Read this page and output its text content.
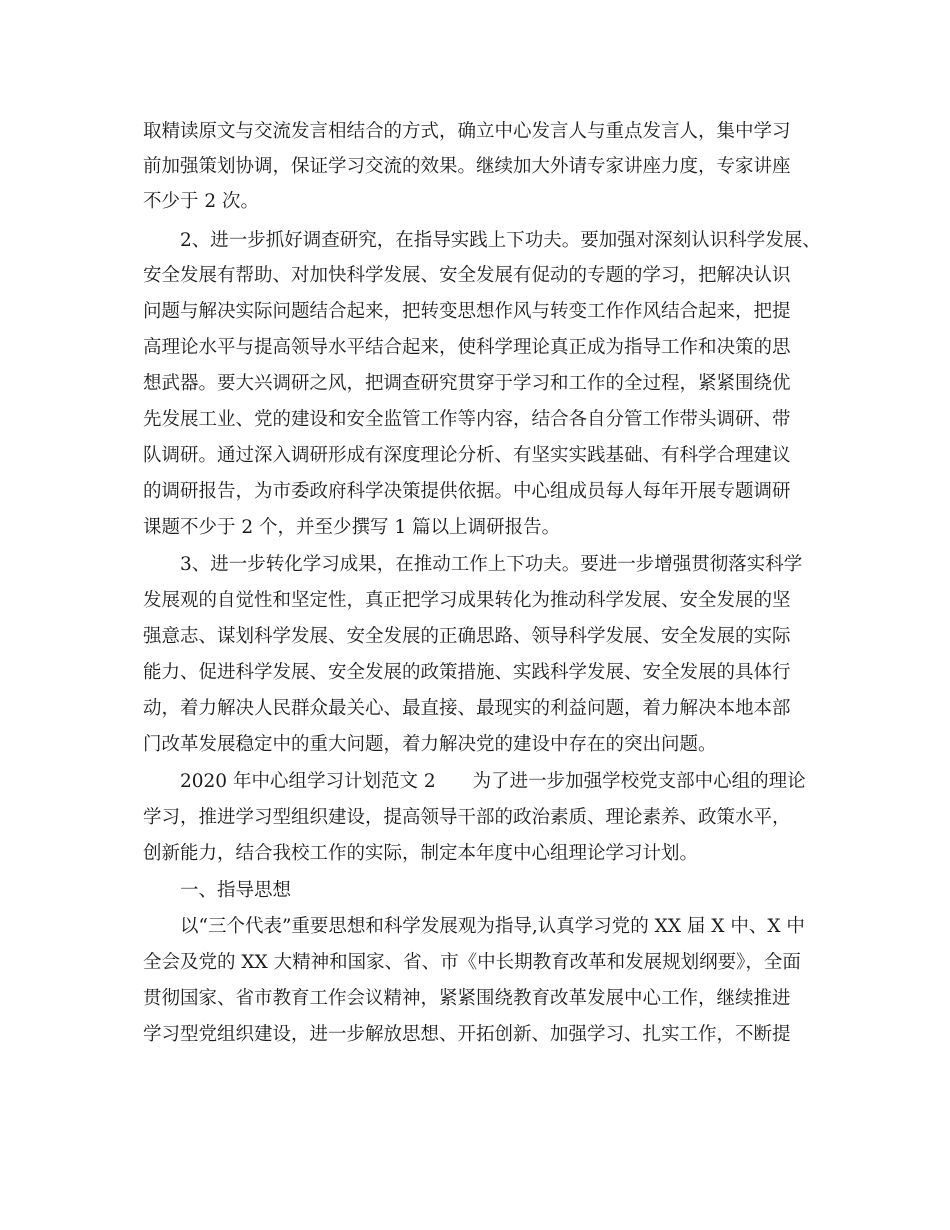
取精读原文与交流发言相结合的方式，确立中心发言人与重点发言人，集中学习
前加强策划协调，保证学习交流的效果。继续加大外请专家讲座力度，专家讲座
不少于 2 次。
2、进一步抓好调查研究，在指导实践上下功夫。要加强对深刻认识科学发展、
安全发展有帮助、对加快科学发展、安全发展有促动的专题的学习，把解决认识
问题与解决实际问题结合起来，把转变思想作风与转变工作作风结合起来，把提
高理论水平与提高领导水平结合起来，使科学理论真正成为指导工作和决策的思
想武器。要大兴调研之风，把调查研究贯穿于学习和工作的全过程，紧紧围绕优
先发展工业、党的建设和安全监管工作等内容，结合各自分管工作带头调研、带
队调研。通过深入调研形成有深度理论分析、有坚实实践基础、有科学合理建议
的调研报告，为市委政府科学决策提供依据。中心组成员每人每年开展专题调研
课题不少于 2 个，并至少撰写 1 篇以上调研报告。
3、进一步转化学习成果，在推动工作上下功夫。要进一步增强贯彻落实科学
发展观的自觉性和坚定性，真正把学习成果转化为推动科学发展、安全发展的坚
强意志、谋划科学发展、安全发展的正确思路、领导科学发展、安全发展的实际
能力、促进科学发展、安全发展的政策措施、实践科学发展、安全发展的具体行
动，着力解决人民群众最关心、最直接、最现实的利益问题，着力解决本地本部
门改革发展稳定中的重大问题，着力解决党的建设中存在的突出问题。
2020 年中心组学习计划范文 2　　为了进一步加强学校党支部中心组的理论
学习，推进学习型组织建设，提高领导干部的政治素质、理论素养、政策水平，
创新能力，结合我校工作的实际，制定本年度中心组理论学习计划。
一、指导思想
以“三个代表”重要思想和科学发展观为指导,认真学习党的 XX 届 X 中、X 中
全会及党的 XX 大精神和国家、省、市《中长期教育改革和发展规划纲要》，全面
贯彻国家、省市教育工作会议精神，紧紧围绕教育改革发展中心工作，继续推进
学习型党组织建设，进一步解放思想、开拓创新、加强学习、扎实工作，不断提
